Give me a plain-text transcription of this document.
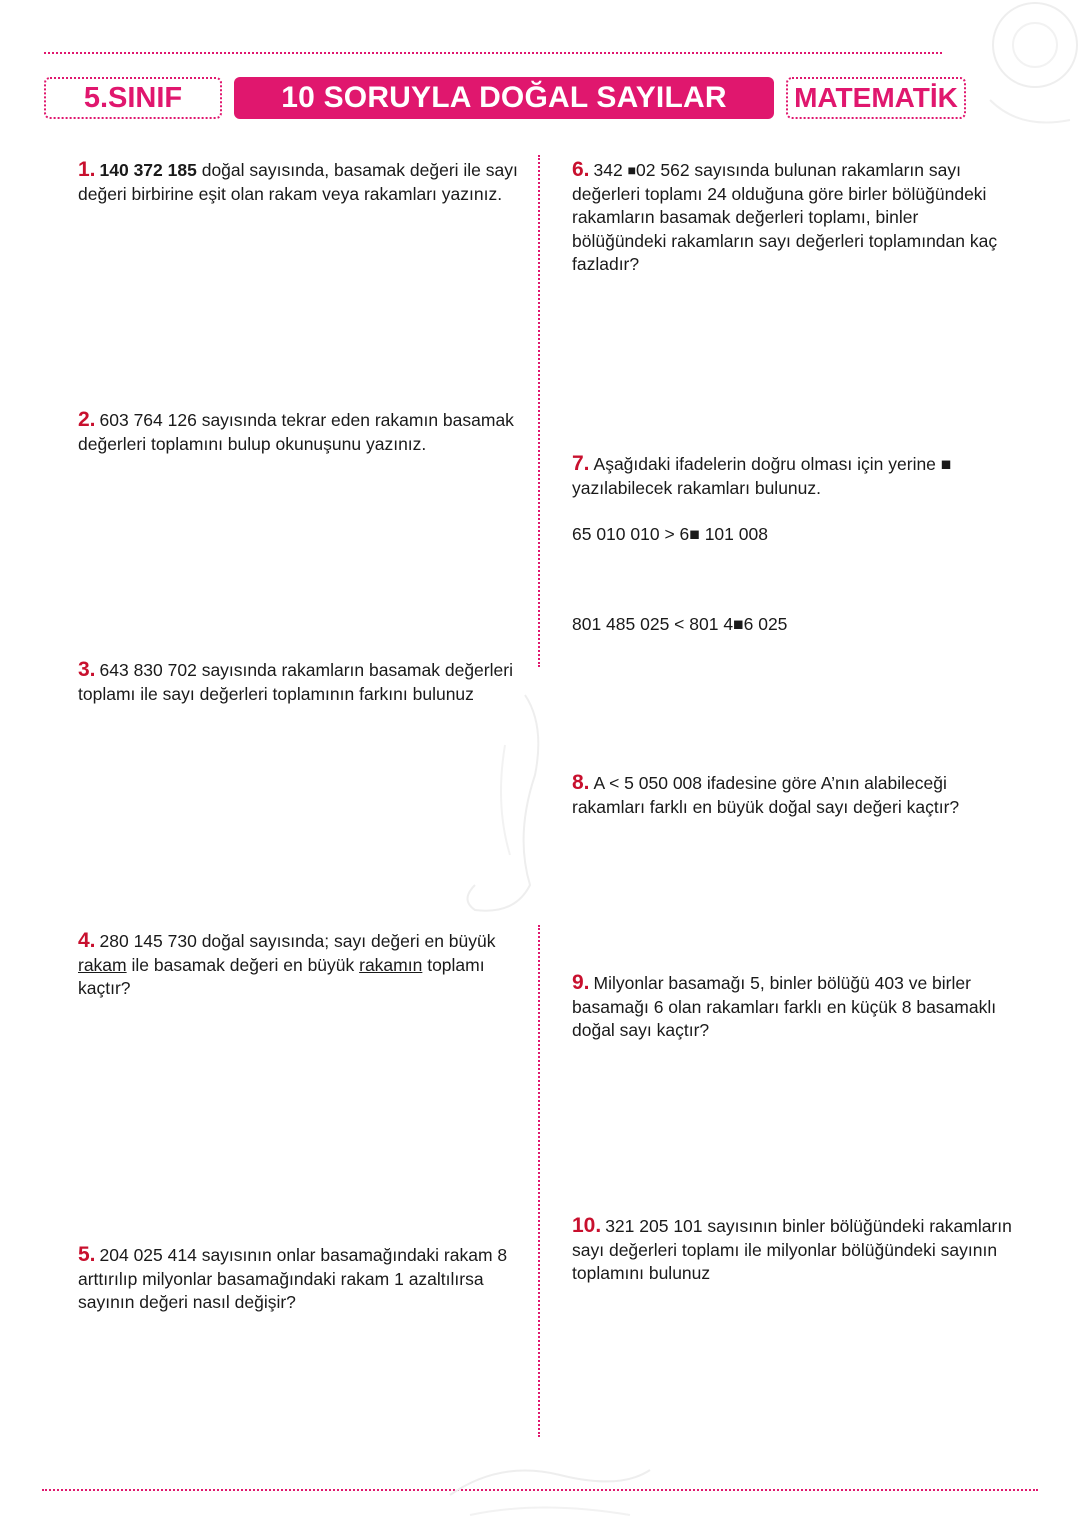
5.SINIF	10 SORUYLA DOĞAL SAYILAR	MATEMATİK
1. 140 372 185 doğal sayısında, basamak değeri ile sayı değeri birbirine eşit olan rakam veya rakamları yazınız.
2. 603 764 126 sayısında tekrar eden rakamın basamak değerleri toplamını bulup okunuşunu yazınız.
3. 643 830 702 sayısında rakamların basamak değerleri toplamı ile sayı değerleri toplamının farkını bulunuz
4. 280 145 730 doğal sayısında; sayı değeri en büyük rakam ile basamak değeri en büyük rakamın toplamı kaçtır?
5. 204 025 414 sayısının onlar basamağındaki rakam 8 arttırılıp milyonlar basamağındaki rakam 1 azaltılırsa sayının değeri nasıl değişir?
6. 342 ■02 562 sayısında bulunan rakamların sayı değerleri toplamı 24 olduğuna göre birler bölüğündeki rakamların basamak değerleri toplamı, binler bölüğündeki rakamların sayı değerleri toplamından kaç fazladır?
7. Aşağıdaki ifadelerin doğru olması için yerine ■ yazılabilecek rakamları bulunuz.
65 010 010 > 6■ 101 008
801 485 025 < 801 4■6 025
8. A < 5 050 008 ifadesine göre A’nın alabileceği rakamları farklı en büyük doğal sayı değeri kaçtır?
9. Milyonlar basamağı 5, binler bölüğü 403 ve birler basamağı 6 olan rakamları farklı en küçük 8 basamaklı doğal sayı kaçtır?
10. 321 205 101 sayısının binler bölüğündeki rakamların sayı değerleri toplamı ile milyonlar bölüğündeki sayının toplamını bulunuz
